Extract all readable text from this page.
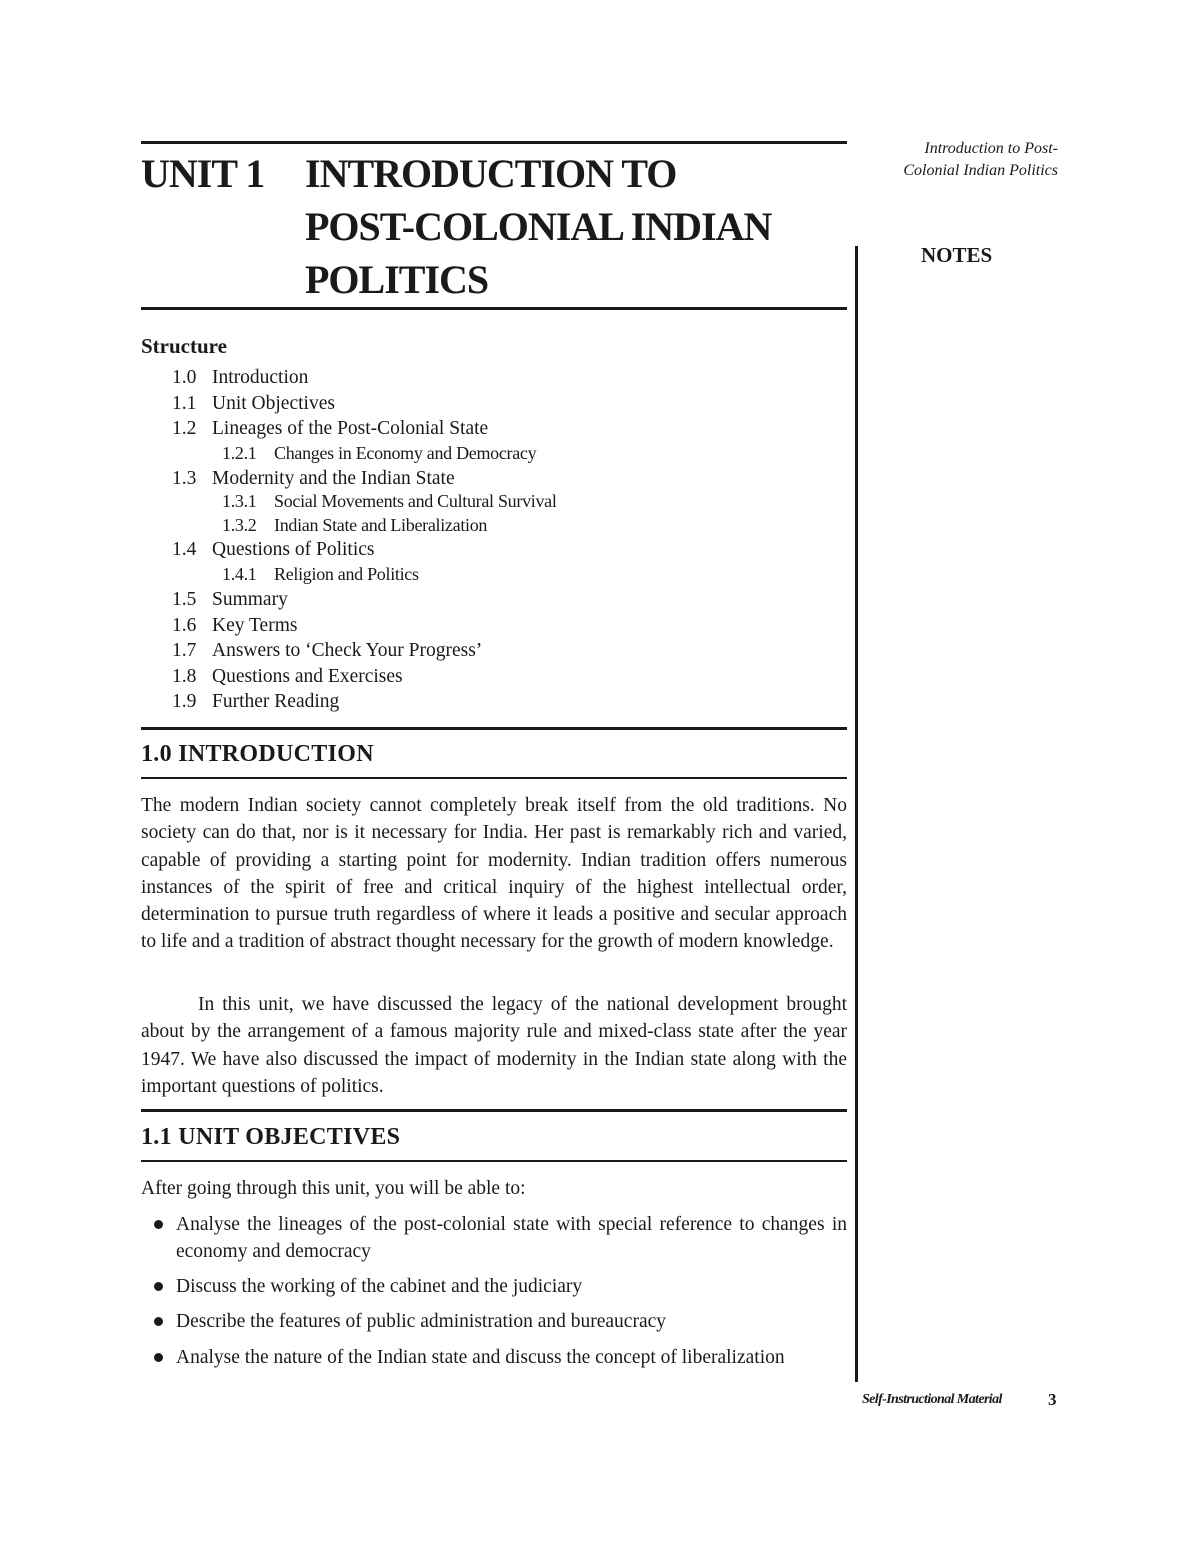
UNIT 1 INTRODUCTION TO
POST-COLONIAL INDIAN
POLITICS
Introduction to Post-
Colonial Indian Politics
NOTES
Structure
1.0 Introduction
1.1 Unit Objectives
1.2 Lineages of the Post-Colonial State
1.2.1 Changes in Economy and Democracy
1.3 Modernity and the Indian State
1.3.1 Social Movements and Cultural Survival
1.3.2 Indian State and Liberalization
1.4 Questions of Politics
1.4.1 Religion and Politics
1.5 Summary
1.6 Key Terms
1.7 Answers to ‘Check Your Progress’
1.8 Questions and Exercises
1.9 Further Reading
1.0 INTRODUCTION

The modern Indian society cannot completely break itself from the old traditions. No society can do that, nor is it necessary for India. Her past is remarkably rich and varied, capable of providing a starting point for modernity. Indian tradition offers numerous instances of the spirit of free and critical inquiry of the highest intellectual order, determination to pursue truth regardless of where it leads a positive and secular approach to life and a tradition of abstract thought necessary for the growth of modern knowledge.

In this unit, we have discussed the legacy of the national development brought about by the arrangement of a famous majority rule and mixed-class state after the year 1947. We have also discussed the impact of modernity in the Indian state along with the important questions of politics.

1.1 UNIT OBJECTIVES

After going through this unit, you will be able to:

Analyse the lineages of the post-colonial state with special reference to changes in economy and democracy
Discuss the working of the cabinet and the judiciary
Describe the features of public administration and bureaucracy
Analyse the nature of the Indian state and discuss the concept of liberalization
Self-Instructional Material	3
